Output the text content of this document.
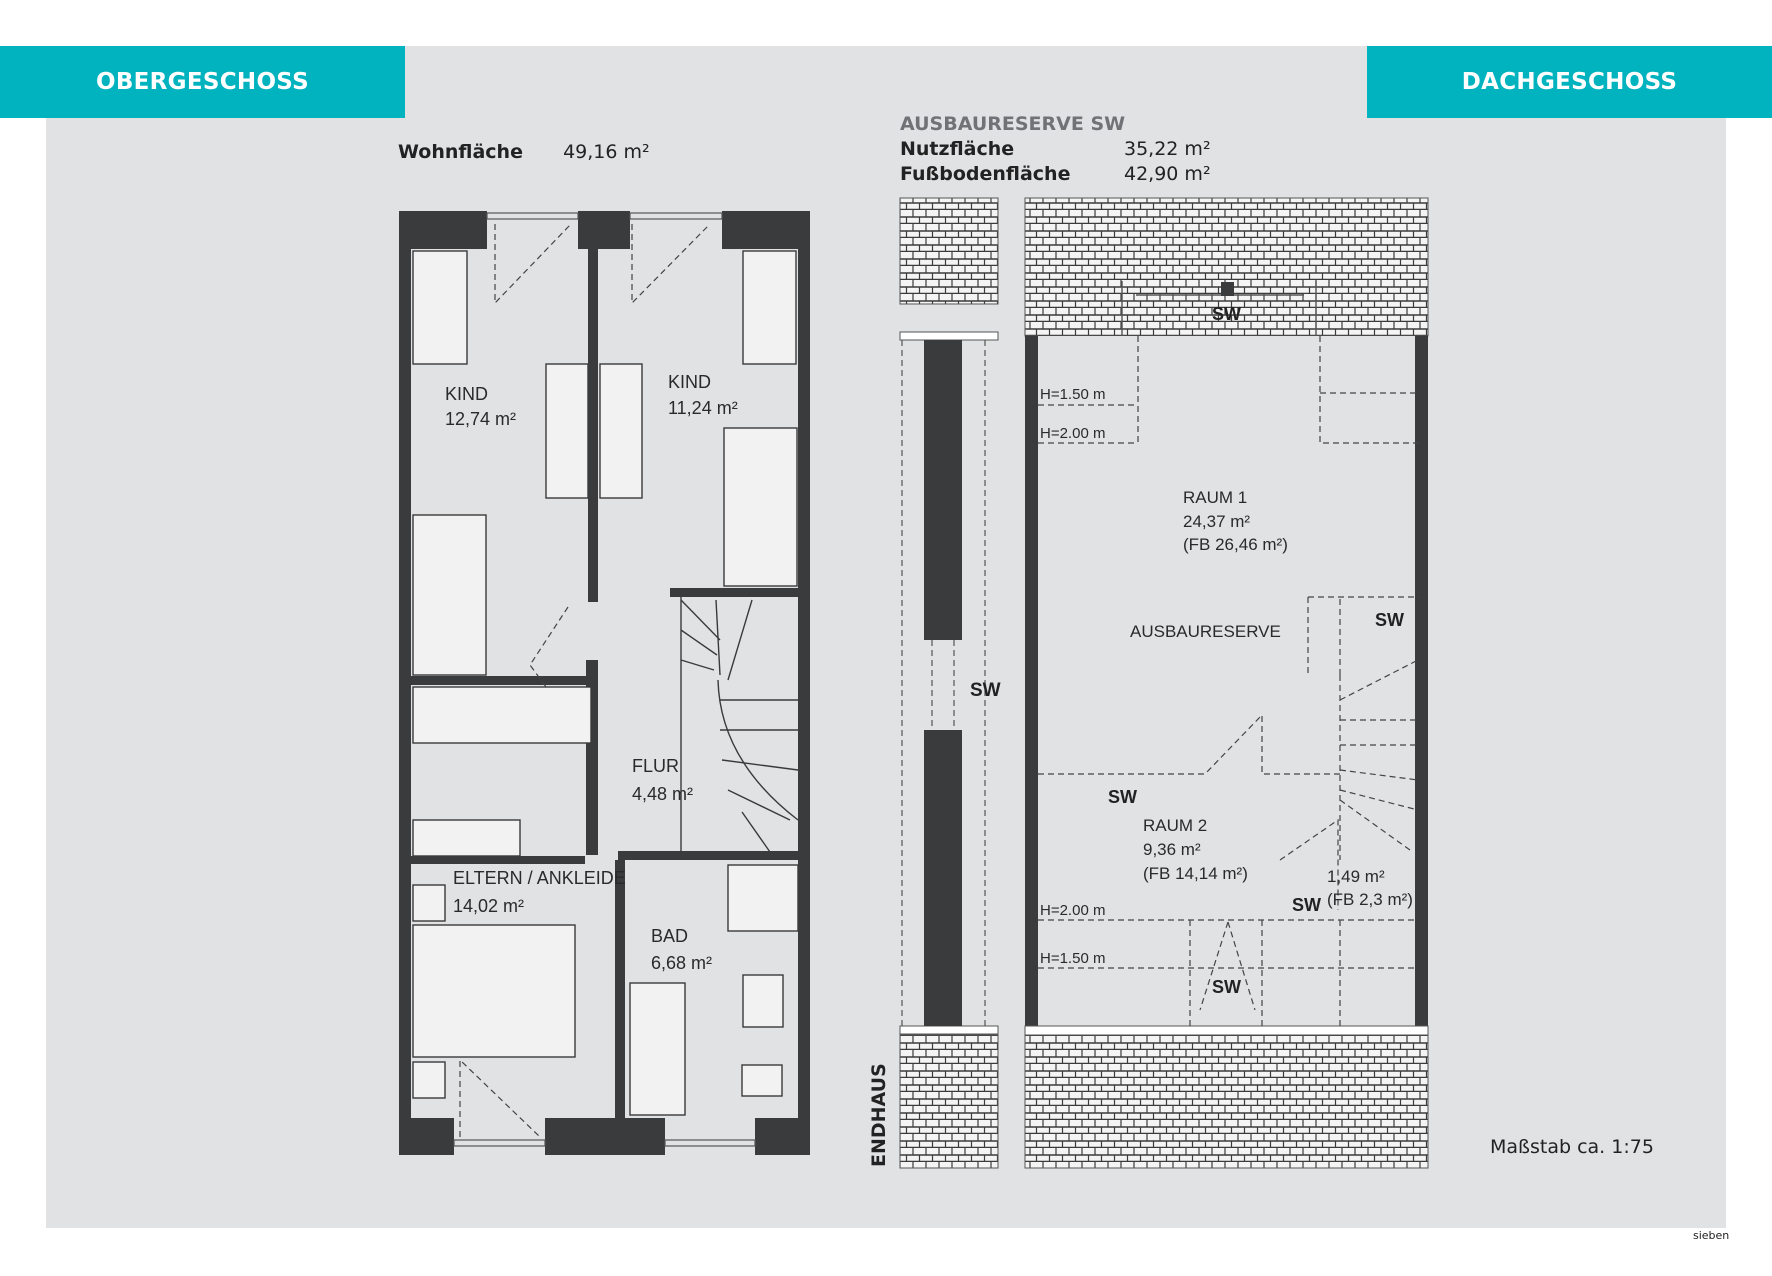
OBERGESCHOSS	DACHGESCHOSS
Wohnfläche 49,16 m²
AUSBAURESERVE SW
Nutzfläche	35,22 m²
Fußbodenfläche	42,90 m²
KIND
12,74 m²
KIND
11,24 m²
FLUR
4,48 m²
ELTERN / ANKLEIDE
14,02 m²
BAD
6,68 m²
SW
H=1.50 m
H=2.00 m
H=2.00 m
H=1.50 m
RAUM 1
24,37 m²
(FB 26,46 m²)
AUSBAURESERVE
RAUM 2
9,36 m²
(FB 14,14 m²)	1,49 m²
(FB 2,3 m²)
SW
SW
SW
SW
SW
ENDHAUS	Maßstab ca. 1:75
sieben
